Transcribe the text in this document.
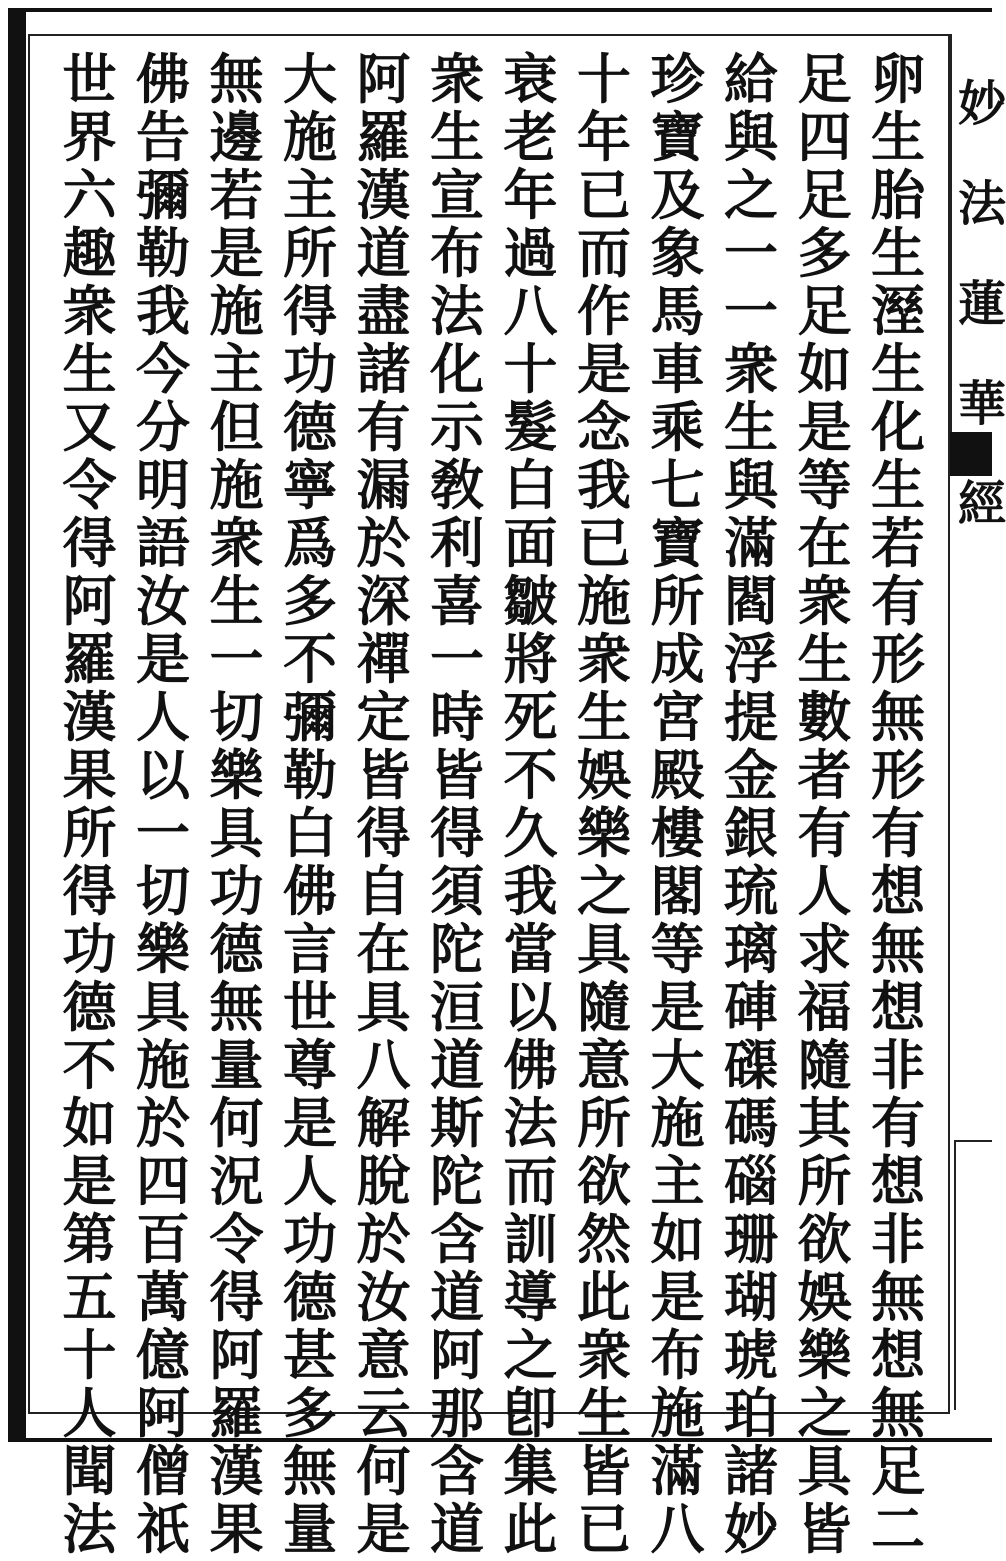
妙
法
蓮
華
經
卵
生
胎
生
溼
生
化
生
若
有
形
無
形
有
想
無
想
非
有
想
非
無
想
無
足
二
足
四
足
多
足
如
是
等
在
衆
生
數
者
有
人
求
福
隨
其
所
欲
娛
樂
之
具
皆
給
與
之
一
一
衆
生
與
滿
閻
浮
提
金
銀
琉
璃
硨
磲
碼
碯
珊
瑚
琥
珀
諸
妙
珍
寶
及
象
馬
車
乘
七
寶
所
成
宮
殿
樓
閣
等
是
大
施
主
如
是
布
施
滿
八
十
年
已
而
作
是
念
我
已
施
衆
生
娛
樂
之
具
隨
意
所
欲
然
此
衆
生
皆
已
衰
老
年
過
八
十
髮
白
面
皺
將
死
不
久
我
當
以
佛
法
而
訓
導
之
卽
集
此
衆
生
宣
布
法
化
示
敎
利
喜
一
時
皆
得
須
陀
洹
道
斯
陀
含
道
阿
那
含
道
阿
羅
漢
道
盡
諸
有
漏
於
深
禪
定
皆
得
自
在
具
八
解
脫
於
汝
意
云
何
是
大
施
主
所
得
功
德
寧
爲
多
不
彌
勒
白
佛
言
世
尊
是
人
功
德
甚
多
無
量
無
邊
若
是
施
主
但
施
衆
生
一
切
樂
具
功
德
無
量
何
況
令
得
阿
羅
漢
果
佛
告
彌
勒
我
今
分
明
語
汝
是
人
以
一
切
樂
具
施
於
四
百
萬
億
阿
僧
祇
世
界
六
趣
衆
生
又
令
得
阿
羅
漢
果
所
得
功
德
不
如
是
第
五
十
人
聞
法
